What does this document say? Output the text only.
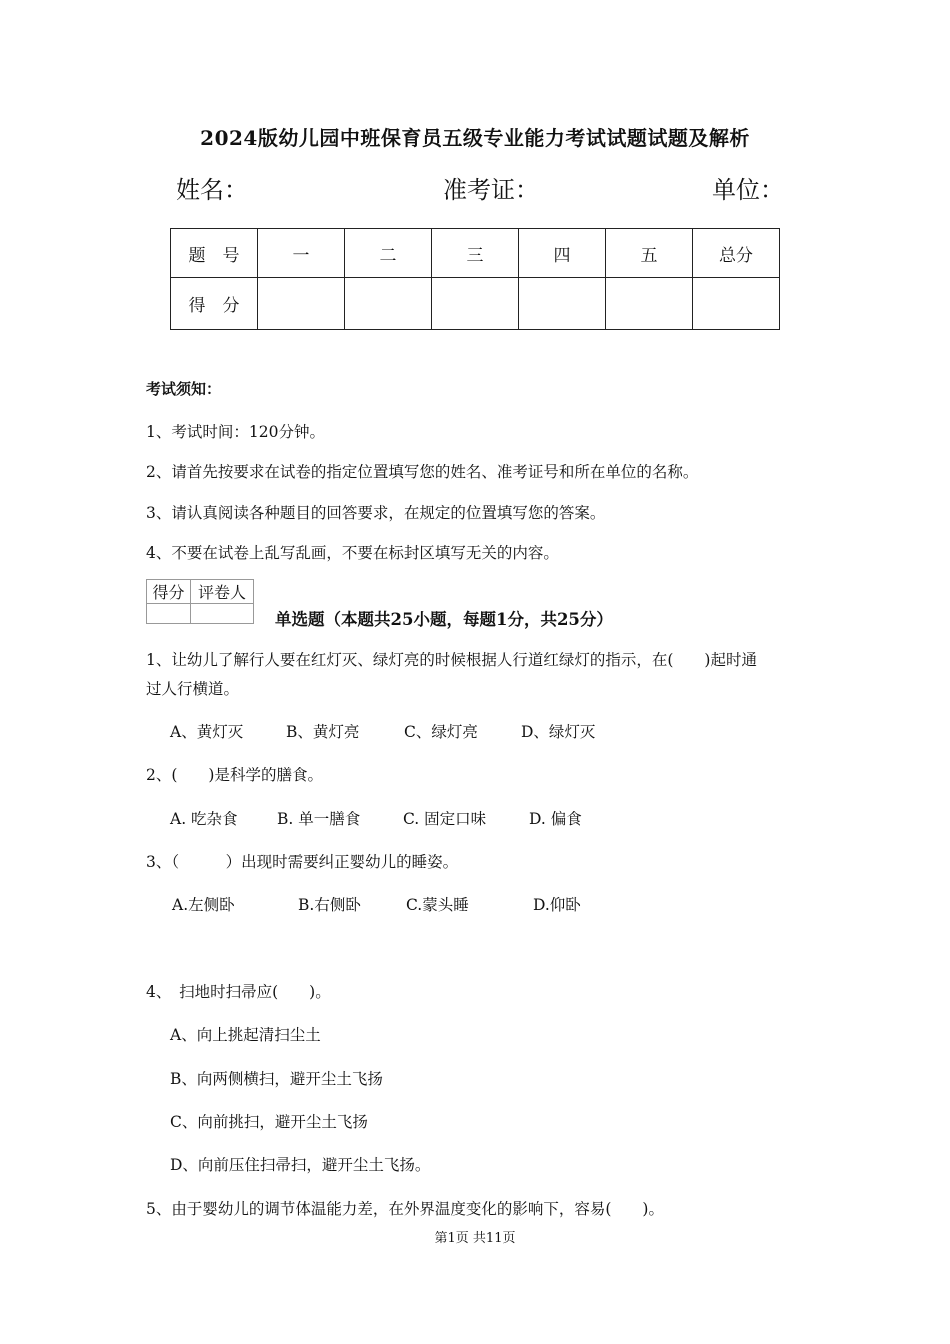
2024版幼儿园中班保育员五级专业能力考试试题试题及解析
姓名：	准考证：	单位：
题　号	一	二	三	四	五	总分
得　分						
考试须知：
1、考试时间：120分钟。
2、请首先按要求在试卷的指定位置填写您的姓名、准考证号和所在单位的名称。
3、请认真阅读各种题目的回答要求，在规定的位置填写您的答案。
4、不要在试卷上乱写乱画，不要在标封区填写无关的内容。
得分	评卷人

单选题（本题共25小题，每题1分，共25分）
1、让幼儿了解行人要在红灯灭、绿灯亮的时候根据人行道红绿灯的指示，在(　　)起时通
过人行横道。
A、黄灯灭	B、黄灯亮	C、绿灯亮	D、绿灯灭
2、(　　)是科学的膳食。
A. 吃杂食	B. 单一膳食	C. 固定口味	D. 偏食
3、（　　　）出现时需要纠正婴幼儿的睡姿。
A.左侧卧	B.右侧卧	C.蒙头睡	D.仰卧
4、　扫地时扫帚应(　　)。
A、向上挑起清扫尘土
B、向两侧横扫，避开尘土飞扬
C、向前挑扫，避开尘土飞扬
D、向前压住扫帚扫，避开尘土飞扬。
5、由于婴幼儿的调节体温能力差，在外界温度变化的影响下，容易(　　)。
第1页 共11页
